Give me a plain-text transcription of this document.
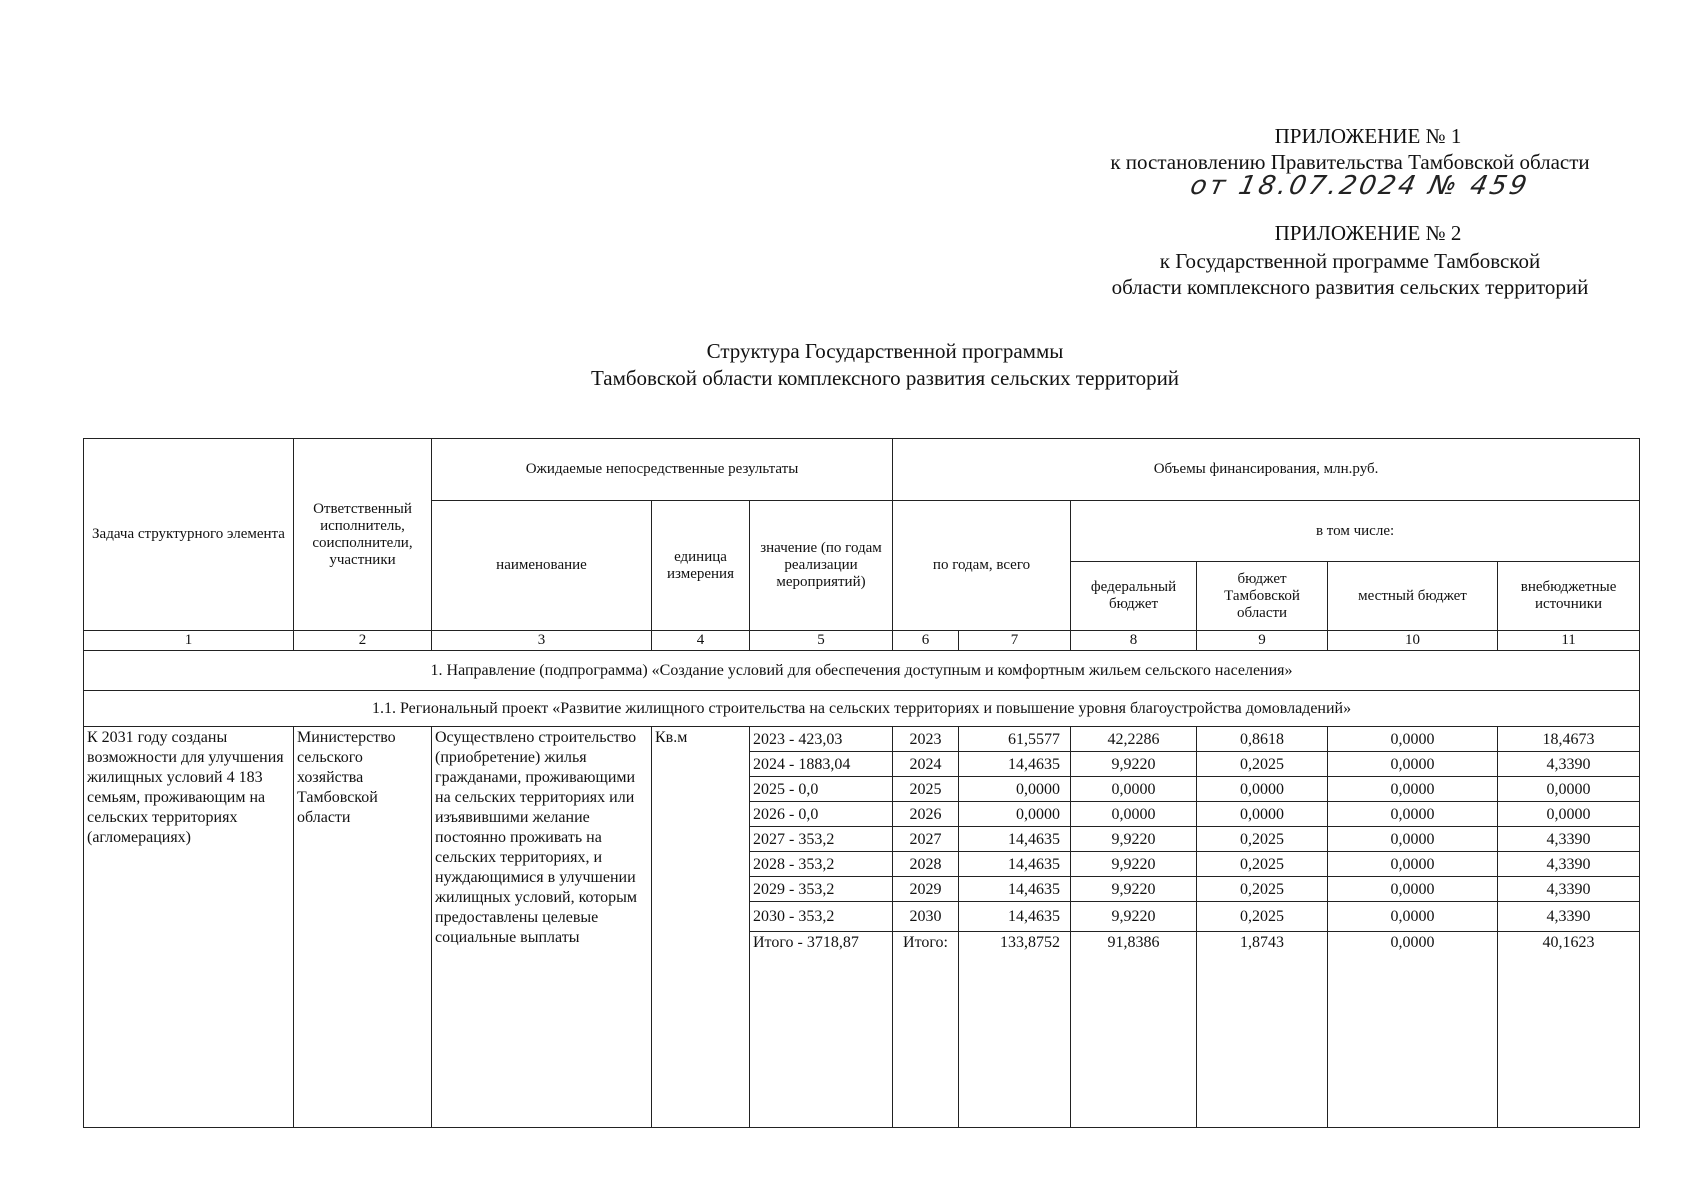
ПРИЛОЖЕНИЕ № 1
к постановлению Правительства Тамбовской области
от 18.07.2024 № 459
ПРИЛОЖЕНИЕ № 2
к Государственной программе Тамбовской
области комплексного развития сельских территорий
Структура Государственной программы
Тамбовской области комплексного развития сельских территорий
Задача структурного элемента	Ответственный исполнитель, соисполнители, участники	Ожидаемые непосредственные результаты			Объемы финансирования, млн.руб.					
		наименование	единица измерения	значение (по годам реализации мероприятий)	по годам, всего		в том числе:			
							федеральный бюджет	бюджет Тамбовской области	местный бюджет	внебюджетные источники
1	2	3	4	5	6	7	8	9	10	11
1. Направление (подпрограмма) «Создание условий для обеспечения доступным и комфортным жильем сельского населения»										
1.1. Региональный проект «Развитие жилищного строительства на сельских территориях и повышение уровня благоустройства домовладений»										
К 2031 году созданы возможности для улучшения жилищных условий 4 183 семьям, проживающим на сельских территориях (агломерациях)	Министерство сельского хозяйства Тамбовской области	Осуществлено строительство (приобретение) жилья гражданами, проживающими на сельских территориях или изъявившими желание постоянно проживать на сельских территориях, и нуждающимися в улучшении жилищных условий, которым предоставлены целевые социальные выплаты	Кв.м	2023 - 423,03	2023	61,5577	42,2286	0,8618	0,0000	18,4673
				2024 - 1883,04	2024	14,4635	9,9220	0,2025	0,0000	4,3390
				2025 - 0,0	2025	0,0000	0,0000	0,0000	0,0000	0,0000
				2026 - 0,0	2026	0,0000	0,0000	0,0000	0,0000	0,0000
				2027 - 353,2	2027	14,4635	9,9220	0,2025	0,0000	4,3390
				2028 - 353,2	2028	14,4635	9,9220	0,2025	0,0000	4,3390
				2029 - 353,2	2029	14,4635	9,9220	0,2025	0,0000	4,3390
				2030 - 353,2	2030	14,4635	9,9220	0,2025	0,0000	4,3390
				Итого - 3718,87	Итого:	133,8752	91,8386	1,8743	0,0000	40,1623
